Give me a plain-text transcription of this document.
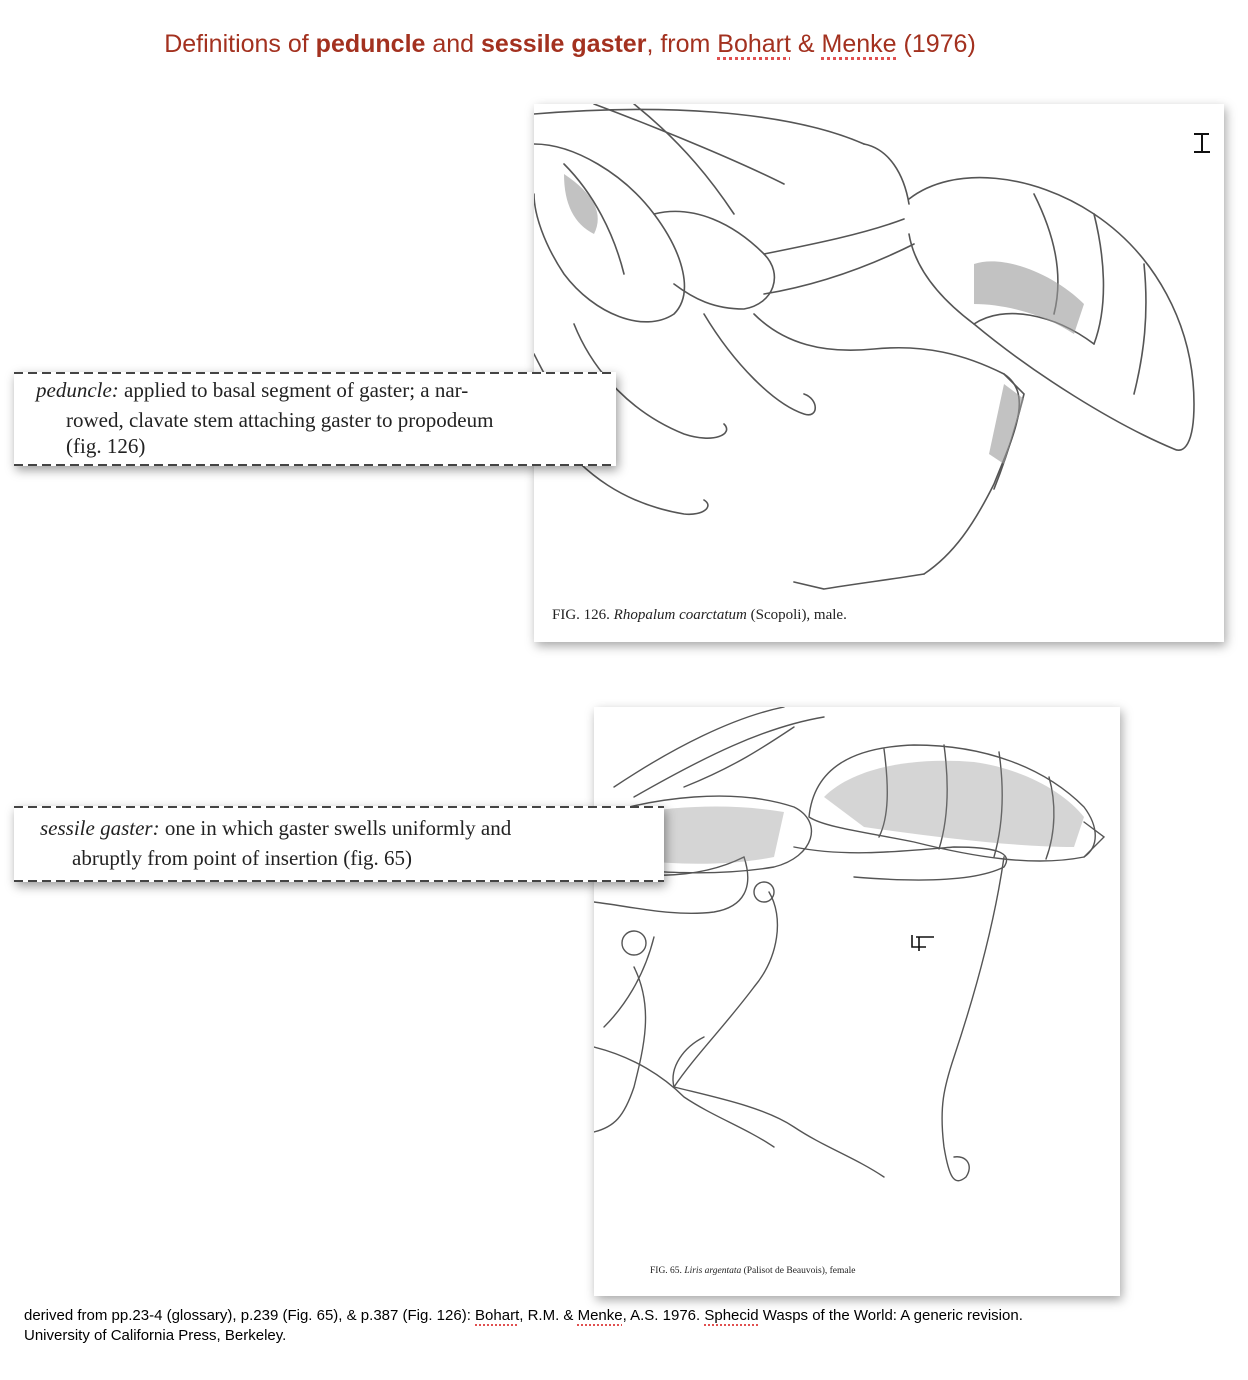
Definitions of peduncle and sessile gaster, from Bohart & Menke (1976)
FIG. 126. Rhopalum coarctatum (Scopoli), male.
FIG. 65. Liris argentata (Palisot de Beauvois), female
peduncle: applied to basal segment of gaster; a nar-
rowed, clavate stem attaching gaster to propodeum
(fig. 126)
sessile gaster: one in which gaster swells uniformly and
abruptly from point of insertion (fig. 65)
derived from pp.23-4 (glossary), p.239 (Fig. 65), & p.387 (Fig. 126): Bohart, R.M. & Menke, A.S. 1976. Sphecid Wasps of the World: A generic revision.
University of California Press, Berkeley.
